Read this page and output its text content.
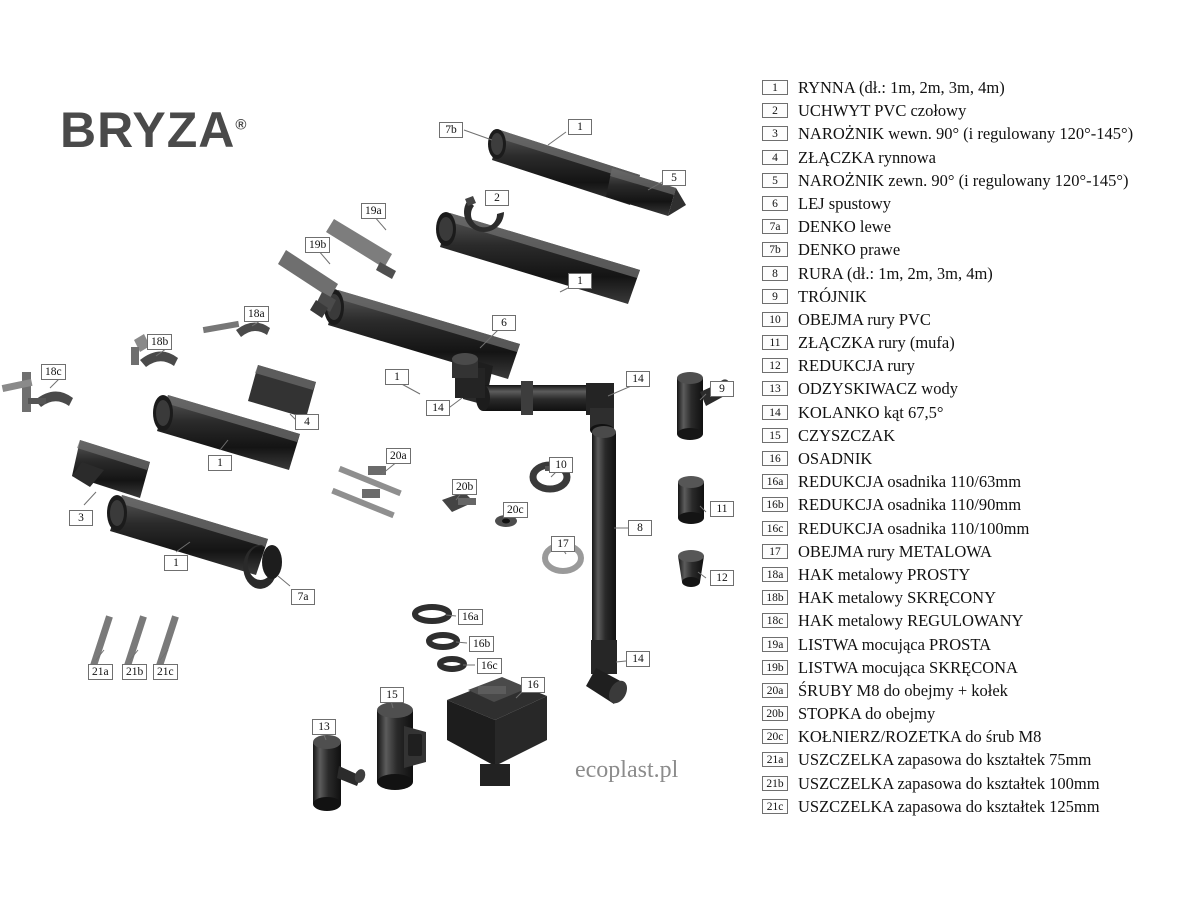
BRYZA®	7b	1
5
2
19a
19b
1
18a
6
18b
18c	1
9
14
4
14
1
20a
10
20b
11
3
20c
8
17
1
12
7a
16a
16b
14
16c
21a	21b	21c
15
16
13
ecoplast.pl
1	RYNNA (dł.: 1m, 2m, 3m, 4m)
2	UCHWYT PVC czołowy
3	NAROŻNIK wewn. 90° (i regulowany 120°-145°)
4	ZŁĄCZKA rynnowa
5	NAROŻNIK zewn. 90° (i regulowany 120°-145°)
6	LEJ spustowy
7a	DENKO lewe
7b	DENKO prawe
8	RURA (dł.: 1m, 2m, 3m, 4m)
9	TRÓJNIK
10	OBEJMA rury PVC
11	ZŁĄCZKA rury (mufa)
12	REDUKCJA rury
13	ODZYSKIWACZ wody
14	KOLANKO kąt 67,5°
15	CZYSZCZAK
16	OSADNIK
16a REDUKCJA osadnika 110/63mm
16b REDUKCJA osadnika 110/90mm
16c REDUKCJA osadnika 110/100mm
17	OBEJMA rury METALOWA
18a HAK metalowy PROSTY
18b HAK metalowy SKRĘCONY
18c HAK metalowy REGULOWANY
19a LISTWA mocująca PROSTA
19b LISTWA mocująca SKRĘCONA
20a ŚRUBY M8 do obejmy + kołek
20b STOPKA do obejmy
20c KOŁNIERZ/ROZETKA do śrub M8
21a USZCZELKA zapasowa do kształtek 75mm
21b USZCZELKA zapasowa do kształtek 100mm
21c USZCZELKA zapasowa do kształtek 125mm
